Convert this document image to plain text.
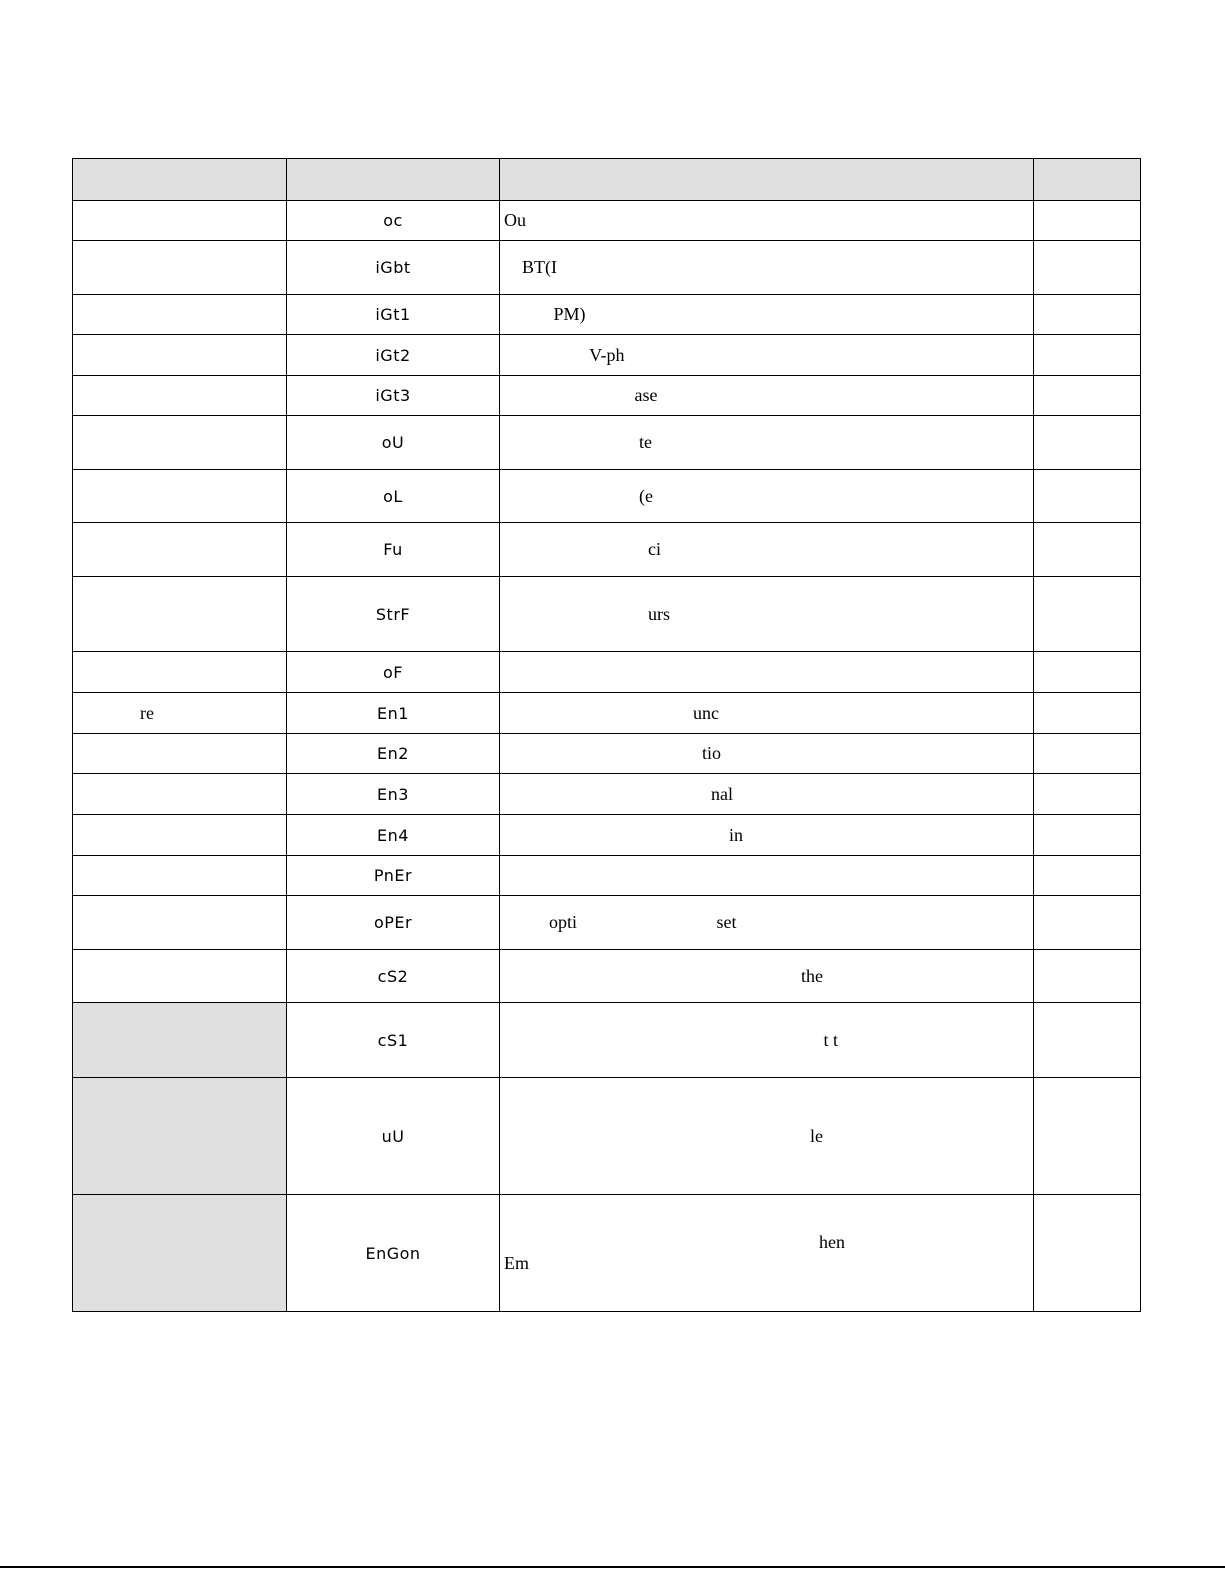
	oc	Ou	
	iGbt	BT(I	
	iGt1	PM)	
	iGt2	V-ph	
	iGt3	ase	
	oU	te	
	oL	(e	
	Fu	ci	
	StrF	urs	
	oF		
re	En1	unc	
	En2	tio	
	En3	nal	
	En4	in	
	PnEr		
	oPEr	opti                               set	
	cS2	the	
	cS1	t t	
	uU	le	
	EnGon	hen
Em	
